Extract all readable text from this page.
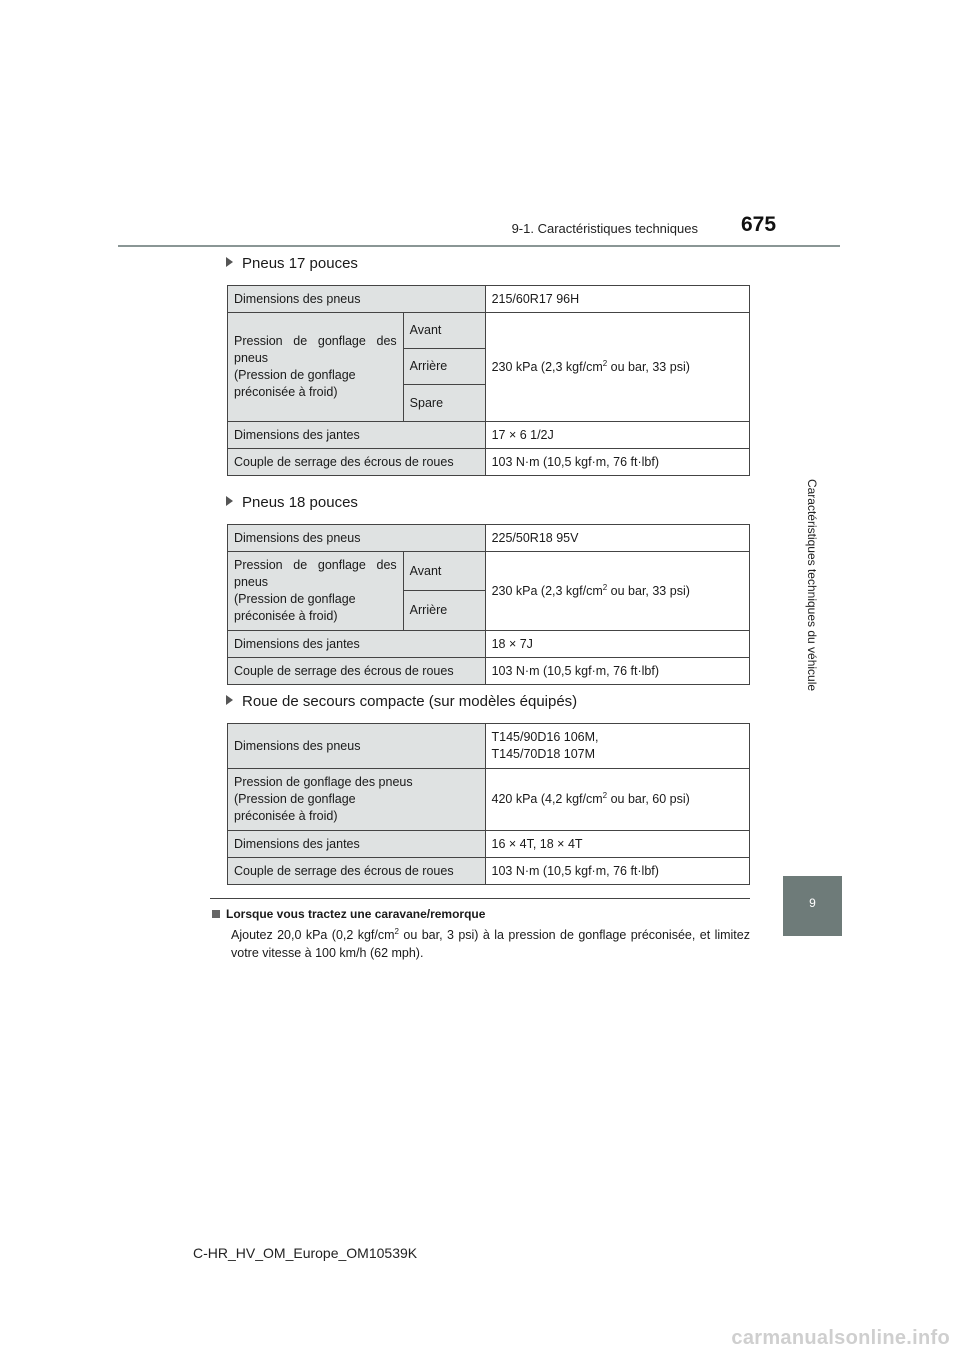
9-1. Caractéristiques techniques 675
Caractéristiques techniques du véhicule
9
Pneus 17 pouces
Dimensions des pneus		215/60R17 96H

Pression de gonflage des
pneus
(Pression de gonflage
préconisée à froid)	Avant	230 kPa (2,3 kgf/$cm^2$ ou bar, 33 psi)
	Arrière	
	Spare	
Dimensions des jantes		17 × 6 1/2J
Couple de serrage des écrous de roues		103 N·m (10,5 kgf·m, 76 ft·lbf)
Pneus 18 pouces
Dimensions des pneus		225/50R18 95V

Pression de gonflage des
pneus
(Pression de gonflage
préconisée à froid)	Avant	230 kPa (2,3 kgf/$cm^2$ ou bar, 33 psi)
	Arrière	
Dimensions des jantes		18 × 7J
Couple de serrage des écrous de roues		103 N·m (10,5 kgf·m, 76 ft·lbf)
Roue de secours compacte (sur modèles équipés)
Dimensions des pneus	T145/90D16 106M,
T145/70D18 107M

Pression de gonflage des pneus
(Pression de gonflage
préconisée à froid)	420 kPa (4,2 kgf/$cm^2$ ou bar, 60 psi)
Dimensions des jantes	16 × 4T, 18 × 4T
Couple de serrage des écrous de roues	103 N·m (10,5 kgf·m, 76 ft·lbf)
Lorsque vous tractez une caravane/remorque
Ajoutez 20,0 kPa (0,2 kgf/$cm^2$ ou bar, 3 psi) à la pression de gonflage préconisée, et limitez votre vitesse à 100 km/h (62 mph).
C-HR_HV_OM_Europe_OM10539K
carmanualsonline.info
